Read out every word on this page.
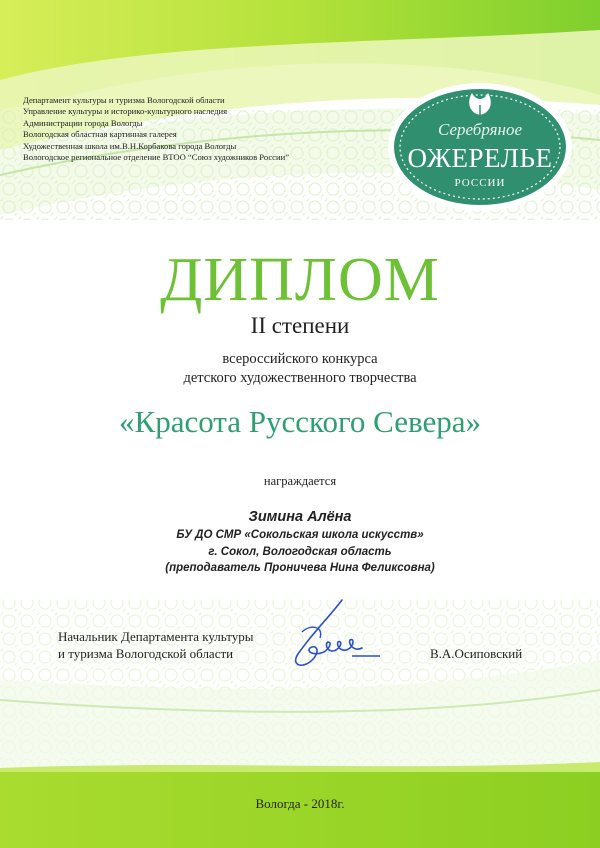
Департамент культуры и туризма Вологодской области
Управление культуры и историко-культурного наследия
Администрации города Вологды
Вологодская областная картинная галерея
Художественная школа им.В.Н.Корбакова города Вологды
Вологодское региональное отделение ВТОО “Союз художников России”
Серебряное
ОЖЕРЕЛЬЕ
РОССИИ
ДИПЛОМ
II степени
всероссийского конкурса
детского художественного творчества
«Красота Русского Севера»
награждается
Зимина Алёна
БУ ДО СМР «Сокольская школа искусств»
г. Сокол, Вологодская область
(преподаватель Проничева Нина Феликсовна)
Начальник Департамента культуры
и туризма Вологодской области	В.А.Осиповский
Вологда - 2018г.
